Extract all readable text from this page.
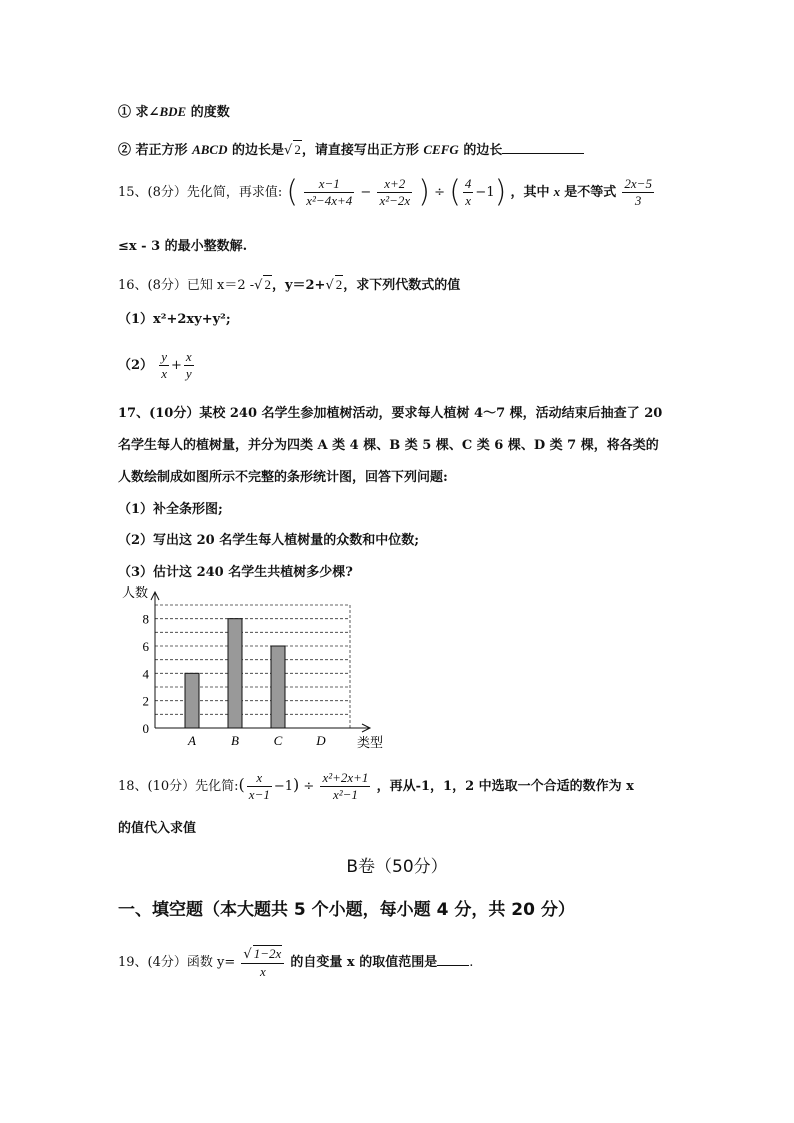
① 求∠BDE 的度数
② 若正方形 ABCD 的边长是√ 2，请直接写出正方形 CEFG 的边长
15、(8分）先化简，再求值: ( $\frac{x-1}{\text{x²−4x+4}} - \frac{x+2}{\text{x²−2x}}$ ) ÷ ( $\frac{4}{x} -1$) ，其中 x 是不等式 $\frac{2x-5}{3}$
≤x - 3 的最小整数解.
16、(8分）已知 x＝2 -√ 2，y＝2+√ 2，求下列代数式的值
（1）x²+2xy+y²;
$(2) \frac{y}{x} + \frac{x}{y}$
17、(10分）某校 240 名学生参加植树活动，要求每人植树 4～7 棵，活动结束后抽查了 20
名学生每人的植树量，并分为四类 A 类 4 棵、B 类 5 棵、C 类 6 棵、D 类 7 棵，将各类的
人数绘制成如图所示不完整的条形统计图，回答下列问题:
（1）补全条形图;
（2）写出这 20 名学生每人植树量的众数和中位数;
（3）估计这 240 名学生共植树多少棵?
0
2
4
6
8
人数
A	B	C	D 类型
18、(10分）先化简:( $\frac{x}{x-1} -1) \div \frac{\text{x²+2x+1}}{\text{x²−1}}$ ，再从-1，1，2 中选取一个合适的数作为 x
的值代入求值
B卷（50分）
一、填空题（本大题共 5 个小题，每小题 4 分，共 20 分）
19、(4分）函数 $y= \frac{√ 1-2x}{x}$ 的自变量 x 的取值范围是 .
